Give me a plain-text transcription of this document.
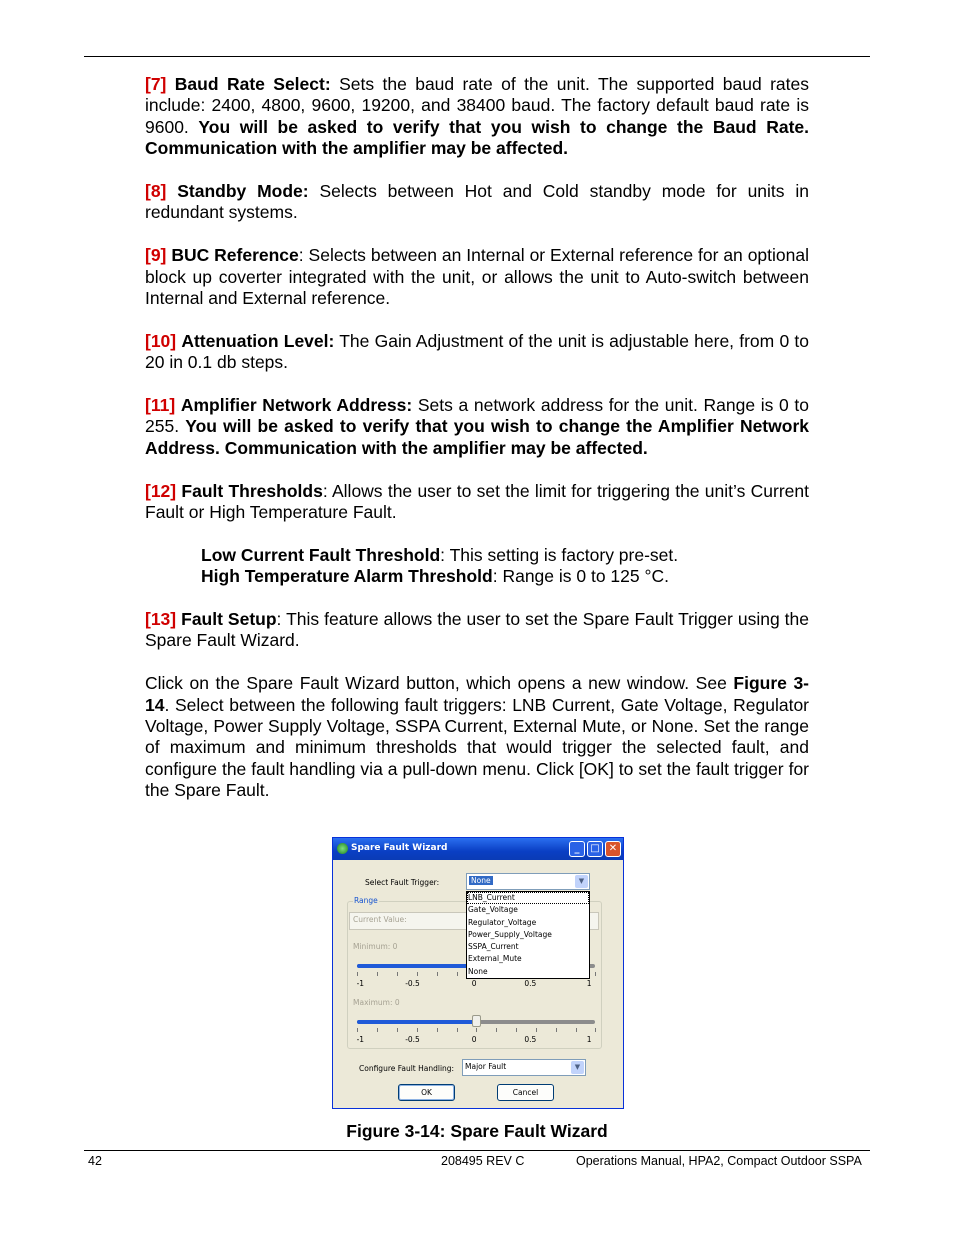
[7] Baud Rate Select: Sets the baud rate of the unit. The supported baud rates include: 2400, 4800, 9600, 19200, and 38400 baud. The factory default baud rate is 9600. You will be asked to verify that you wish to change the Baud Rate. Communication with the amplifier may be affected.

[8] Standby Mode: Selects between Hot and Cold standby mode for units in redundant systems.

[9] BUC Reference: Selects between an Internal or External reference for an optional block up coverter integrated with the unit, or allows the unit to Auto-switch between Internal and External reference.

[10] Attenuation Level: The Gain Adjustment of the unit is adjustable here, from 0 to 20 in 0.1 db steps.

[11] Amplifier Network Address: Sets a network address for the unit. Range is 0 to 255. You will be asked to verify that you wish to change the Amplifier Network Address. Communication with the amplifier may be affected.

[12] Fault Thresholds: Allows the user to set the limit for triggering the unit’s Current Fault or High Temperature Fault.

Low Current Fault Threshold: This setting is factory pre-set.

High Temperature Alarm Threshold: Range is 0 to 125 °C.

[13] Fault Setup: This feature allows the user to set the Spare Fault Trigger using the Spare Fault Wizard.

Click on the Spare Fault Wizard button, which opens a new window. See Figure 3-14. Select between the following fault triggers: LNB Current, Gate Voltage, Regulator Voltage, Power Supply Voltage, SSPA Current, External Mute, or None. Set the range of maximum and minimum thresholds that would trigger the selected fault, and configure the fault handling via a pull-down menu. Click [OK] to set the fault trigger for the Spare Fault.

Spare Fault Wizard	_	□ ✕
Select Fault Trigger:	None	▼
Range
Current Value:
Minimum: 0
-1	-0.5	0	0.5	1
Maximum: 0
-1	-0.5	0	0.5	1
LNB_Current
Gate_Voltage
Regulator_Voltage
Power_Supply_Voltage
SSPA_Current
External_Mute
None
Configure Fault Handling: Major Fault	▼
OK	Cancel
Figure 3-14: Spare Fault Wizard
42	208495 REV C	Operations Manual, HPA2, Compact Outdoor SSPA
